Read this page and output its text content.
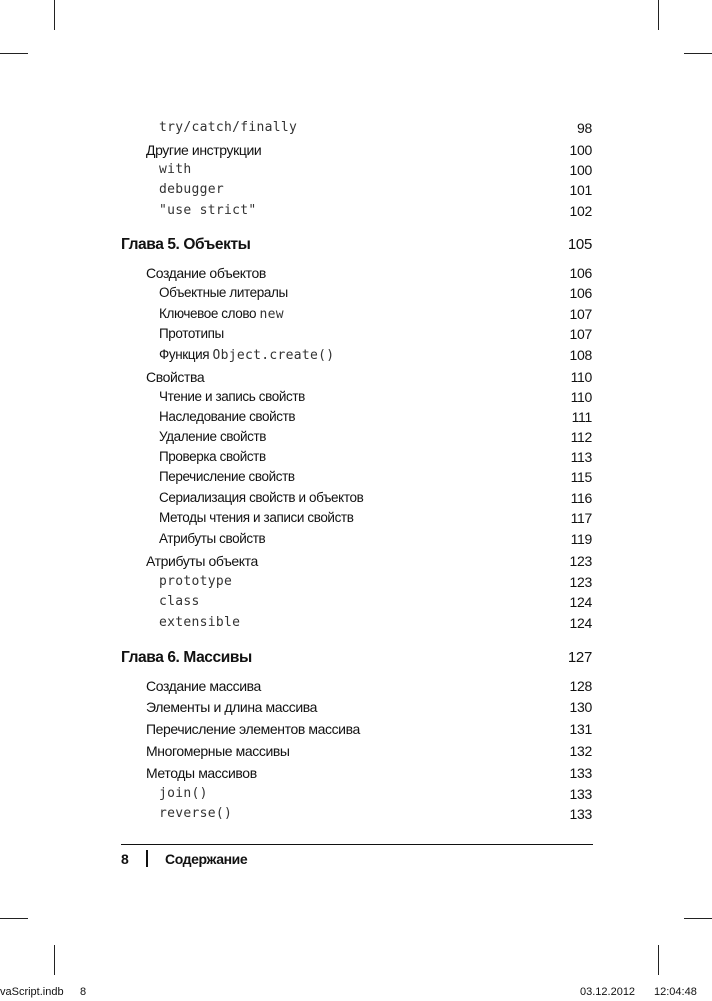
try/catch/finally	98
Другие инструкции	100
with	100
debugger	101
"use strict"	102
Глава 5. Объекты	105
Создание объектов	106
Объектные литералы	106
Ключевое слово new	107
Прототипы	107
Функция Object.create()	108
Свойства	110
Чтение и запись свойств	110
Наследование свойств	111
Удаление свойств	112
Проверка свойств	113
Перечисление свойств	115
Сериализация свойств и объектов	116
Методы чтения и записи свойств	117
Атрибуты свойств	119
Атрибуты объекта	123
prototype	123
class	124
extensible	124
Глава 6. Массивы	127
Создание массива	128
Элементы и длина массива	130
Перечисление элементов массива	131
Многомерные массивы	132
Методы массивов	133
join()	133
reverse()	133
8	Содержание
vaScript.indb 8	03.12.2012 12:04:48
